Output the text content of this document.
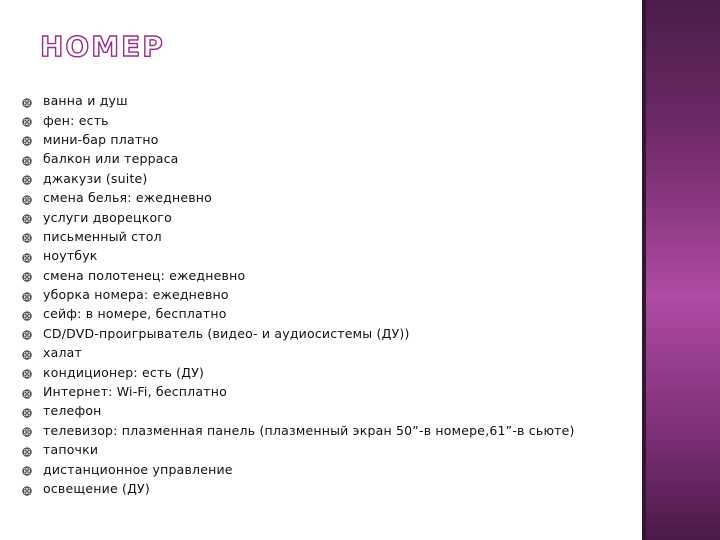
НОМЕР
ванна и душ
фен: есть
мини-бар платно
балкон или терраса
джакузи (suite)
смена белья: ежедневно
услуги дворецкого
письменный стол
ноутбук
смена полотенец: ежедневно
уборка номера: ежедневно
сейф: в номере, бесплатно
CD/DVD-проигрыватель (видео- и аудиосистемы (ДУ))
халат
кондиционер: есть (ДУ)
Интернет: Wi-Fi, бесплатно
телефон
телевизор: плазменная панель (плазменный экран 50”-в номере,61”-в сьюте)
тапочки
дистанционное управление
освещение (ДУ)
